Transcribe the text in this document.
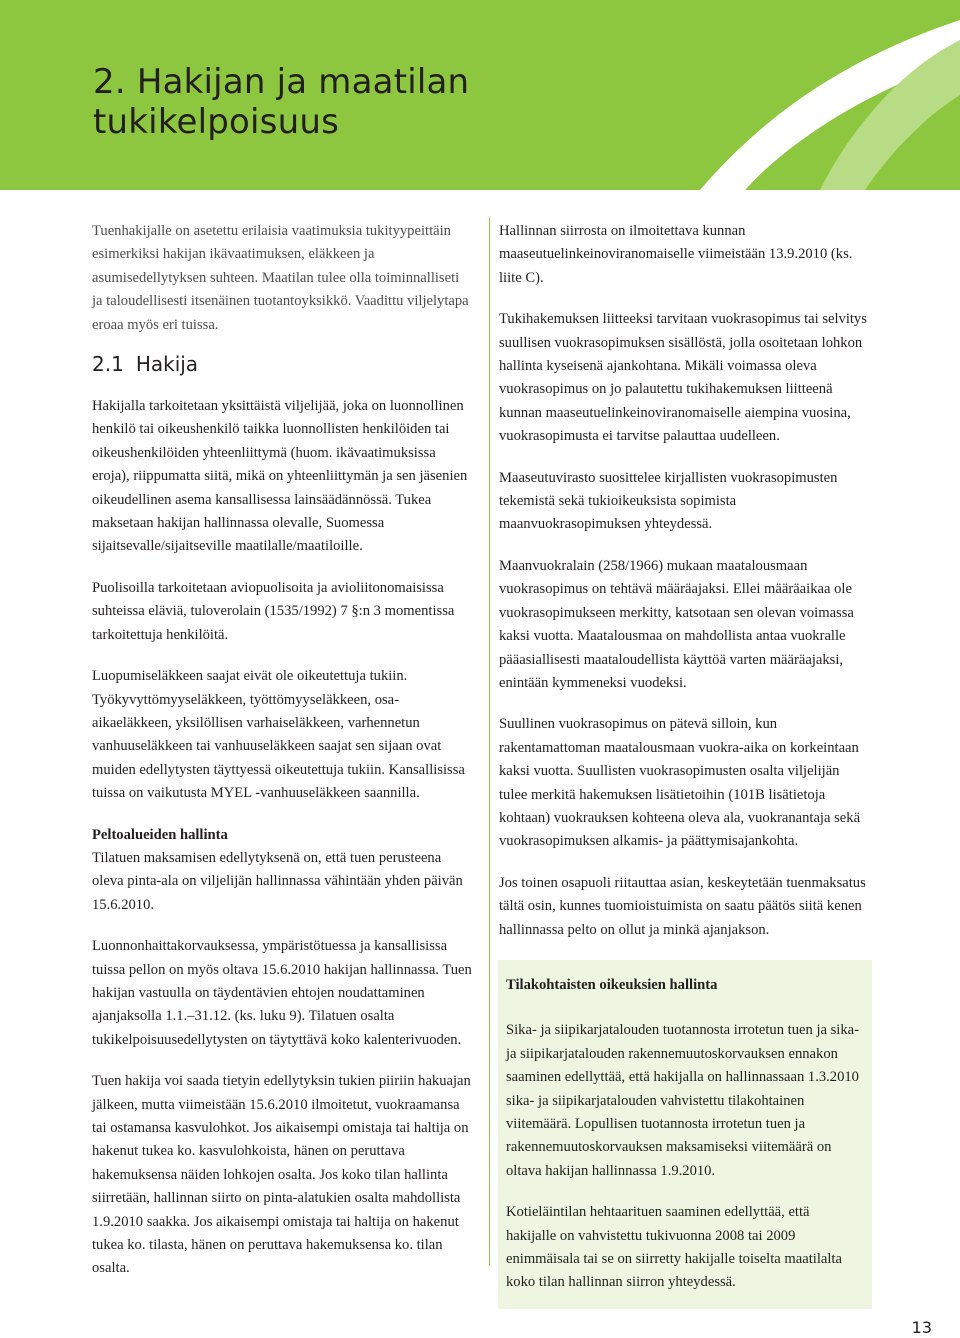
2. Hakijan ja maatilan
tukikelpoisuus

Tuenhakijalle on asetettu erilaisia vaatimuksia tukityypeittäin esimerkiksi hakijan ikävaatimuksen, eläkkeen ja asumisedellytyksen suhteen. Maatilan tulee olla toiminnalliseti ja taloudellisesti itsenäinen tuotantoyksikkö. Vaadittu viljelytapa eroaa myös eri tuissa.

2.1 Hakija

Hakijalla tarkoitetaan yksittäistä viljelijää, joka on luonnollinen henkilö tai oikeushenkilö taikka luonnollisten henkilöiden tai oikeushenkilöiden yhteenliittymä (huom. ikävaatimuksissa eroja), riippumatta siitä, mikä on yhteenliittymän ja sen jäsenien oikeudellinen asema kansallisessa lainsäädännössä. Tukea maksetaan hakijan hallinnassa olevalle, Suomessa sijaitsevalle/sijaitseville maatilalle/maatiloille.

Puolisoilla tarkoitetaan aviopuolisoita ja avioliitonomaisissa suhteissa eläviä, tuloverolain (1535/1992) 7 §:n 3 momentissa tarkoitettuja henkilöitä.

Luopumiseläkkeen saajat eivät ole oikeutettuja tukiin. Työkyvyttömyyseläkkeen, työttömyyseläkkeen, osa-aikaeläkkeen, yksilöllisen varhaiseläkkeen, varhennetun vanhuuseläkkeen tai vanhuuseläkkeen saajat sen sijaan ovat muiden edellytysten täyttyessä oikeutettuja tukiin. Kansallisissa tuissa on vaikutusta MYEL -vanhuuseläkkeen saannilla.

Peltoalueiden hallinta

Tilatuen maksamisen edellytyksenä on, että tuen perusteena oleva pinta-ala on viljelijän hallinnassa vähintään yhden päivän 15.6.2010.

Luonnonhaittakorvauksessa, ympäristötuessa ja kansallisissa tuissa pellon on myös oltava 15.6.2010 hakijan hallinnassa. Tuen hakijan vastuulla on täydentävien ehtojen noudattaminen ajanjaksolla 1.1.–31.12. (ks. luku 9). Tilatuen osalta tukikelpoisuusedellytysten on täytyttävä koko kalenterivuoden.

Tuen hakija voi saada tietyin edellytyksin tukien piiriin hakuajan jälkeen, mutta viimeistään 15.6.2010 ilmoitetut, vuokraamansa tai ostamansa kasvulohkot. Jos aikaisempi omistaja tai haltija on hakenut tukea ko. kasvulohkoista, hänen on peruttava hakemuksensa näiden lohkojen osalta. Jos koko tilan hallinta siirretään, hallinnan siirto on pinta-alatukien osalta mahdollista 1.9.2010 saakka. Jos aikaisempi omistaja tai haltija on hakenut tukea ko. tilasta, hänen on peruttava hakemuksensa ko. tilan osalta.

Hallinnan siirrosta on ilmoitettava kunnan maaseutuelinkeinoviranomaiselle viimeistään 13.9.2010 (ks. liite C).

Tukihakemuksen liitteeksi tarvitaan vuokrasopimus tai selvitys suullisen vuokrasopimuksen sisällöstä, jolla osoitetaan lohkon hallinta kyseisenä ajankohtana. Mikäli voimassa oleva vuokrasopimus on jo palautettu tukihakemuksen liitteenä kunnan maaseutuelinkeinoviranomaiselle aiempina vuosina, vuokrasopimusta ei tarvitse palauttaa uudelleen.

Maaseutuvirasto suosittelee kirjallisten vuokrasopimusten tekemistä sekä tukioikeuksista sopimista maanvuokrasopimuksen yhteydessä.

Maanvuokralain (258/1966) mukaan maatalousmaan vuokrasopimus on tehtävä määräajaksi. Ellei määräaikaa ole vuokrasopimukseen merkitty, katsotaan sen olevan voimassa kaksi vuotta. Maatalousmaa on mahdollista antaa vuokralle pääasiallisesti maataloudellista käyttöä varten määräajaksi, enintään kymmeneksi vuodeksi.

Suullinen vuokrasopimus on pätevä silloin, kun rakentamattoman maatalousmaan vuokra-aika on korkeintaan kaksi vuotta. Suullisten vuokrasopimusten osalta viljelijän tulee merkitä hakemuksen lisätietoihin (101B lisätietoja kohtaan) vuokrauksen kohteena oleva ala, vuokranantaja sekä vuokrasopimuksen alkamis- ja päättymisajankohta.

Jos toinen osapuoli riitauttaa asian, keskeytetään tuenmaksatus tältä osin, kunnes tuomioistuimista on saatu päätös siitä kenen hallinnassa pelto on ollut ja minkä ajanjakson.

Tilakohtaisten oikeuksien hallinta

Sika- ja siipikarjatalouden tuotannosta irrotetun tuen ja sika- ja siipikarjatalouden rakennemuutoskorvauksen ennakon saaminen edellyttää, että hakijalla on hallinnassaan 1.3.2010 sika- ja siipikarjatalouden vahvistettu tilakohtainen viitemäärä. Lopullisen tuotannosta irrotetun tuen ja rakennemuutoskorvauksen maksamiseksi viitemäärä on oltava hakijan hallinnassa 1.9.2010.

Kotieläintilan hehtaarituen saaminen edellyttää, että hakijalle on vahvistettu tukivuonna 2008 tai 2009 enimmäisala tai se on siirretty hakijalle toiselta maatilalta koko tilan hallinnan siirron yhteydessä.

13
